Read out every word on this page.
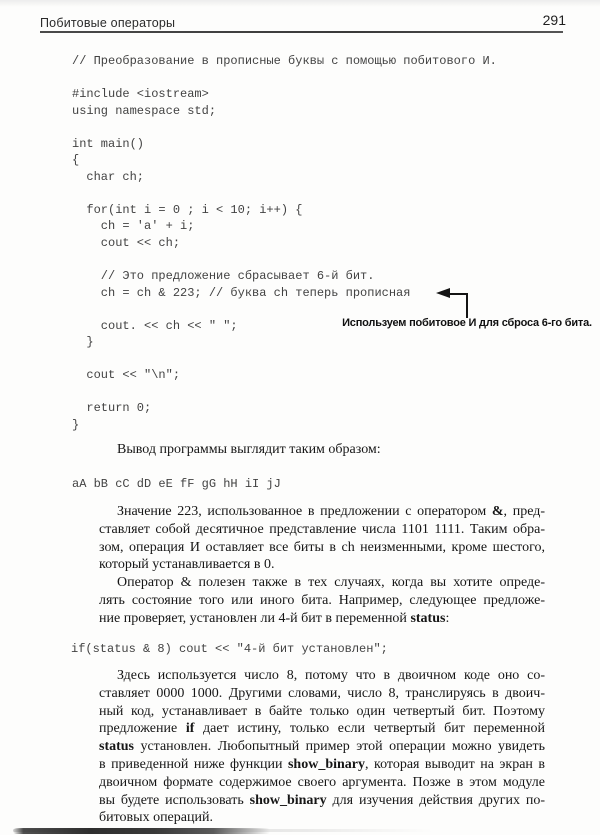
Побитовые операторы	291
// Преобразование в прописные буквы с помощью побитового И.

#include <iostream>
using namespace std;

int main()
{
char ch;

for(int i = 0 ; i < 10; i++) {
ch = 'a' + i;
cout << ch;

// Это предложение сбрасывает 6-й бит.
ch = ch & 223; // буква ch теперь прописная

cout. << ch << " ";
}

cout << "\n";

return 0;
}
Используем побитовое И для сброса 6-го бита.
Вывод программы выглядит таким образом:
aA bB cC dD eE fF gG hH iI jJ
Значение 223, использованное в предложении с оператором &, пред-
ставляет собой десятичное представление числа 1101 1111. Таким обра-
зом, операция И оставляет все биты в ch неизменными, кроме шестого,
который устанавливается в 0.
Оператор & полезен также в тех случаях, когда вы хотите опреде-
лять состояние того или иного бита. Например, следующее предложе-
ние проверяет, установлен ли 4-й бит в переменной status:
if(status & 8) cout << "4-й бит установлен";
Здесь используется число 8, потому что в двоичном коде оно со-
ставляет 0000 1000. Другими словами, число 8, транслируясь в двоич-
ный код, устанавливает в байте только один четвертый бит. Поэтому
предложение if дает истину, только если четвертый бит переменной
status установлен. Любопытный пример этой операции можно увидеть
в приведенной ниже функции show_binary, которая выводит на экран в
двоичном формате содержимое своего аргумента. Позже в этом модуле
вы будете использовать show_binary для изучения действия других по-
битовых операций.
